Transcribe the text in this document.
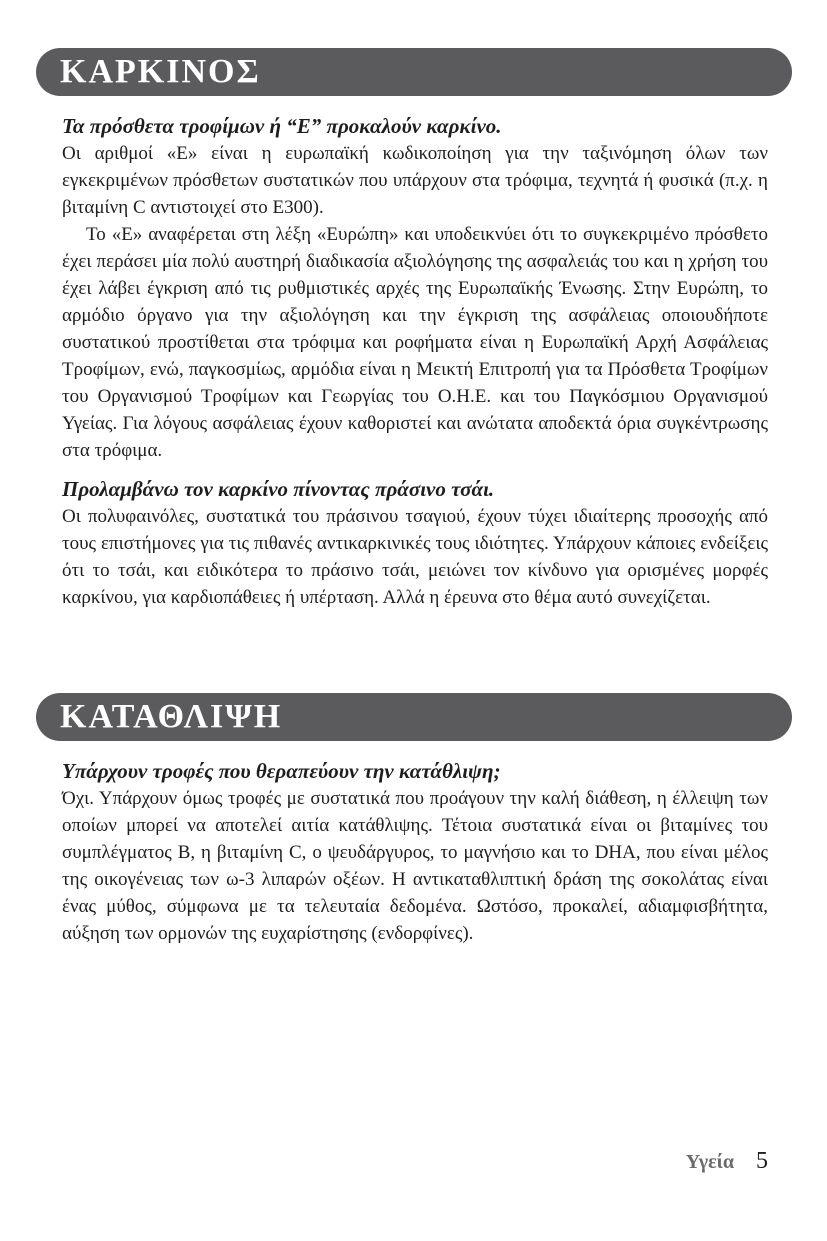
ΚΑΡΚΙΝΟΣ

Τα πρόσθετα τροφίμων ή “Ε” προκαλούν καρκίνο.

Οι αριθμοί «Ε» είναι η ευρωπαϊκή κωδικοποίηση για την ταξινόμηση όλων των εγκεκριμένων πρόσθετων συστατικών που υπάρχουν στα τρόφιμα, τεχνητά ή φυσικά (π.χ. η βιταμίνη C αντιστοιχεί στο Ε300).

Το «Ε» αναφέρεται στη λέξη «Ευρώπη» και υποδεικνύει ότι το συγκεκριμένο πρόσθετο έχει περάσει μία πολύ αυστηρή διαδικασία αξιολόγησης της ασφαλειάς του και η χρήση του έχει λάβει έγκριση από τις ρυθμιστικές αρχές της Ευρωπαϊκής Ένωσης. Στην Ευρώπη, το αρμόδιο όργανο για την αξιολόγηση και την έγκριση της ασφάλειας οποιουδήποτε συστατικού προστίθεται στα τρόφιμα και ροφήματα είναι η Ευρωπαϊκή Αρχή Ασφάλειας Τροφίμων, ενώ, παγκοσμίως, αρμόδια είναι η Μεικτή Επιτροπή για τα Πρόσθετα Τροφίμων του Οργανισμού Τροφίμων και Γεωργίας του Ο.Η.Ε. και του Παγκόσμιου Οργανισμού Υγείας. Για λόγους ασφάλειας έχουν καθοριστεί και ανώτατα αποδεκτά όρια συγκέντρωσης στα τρόφιμα.

Προλαμβάνω τον καρκίνο πίνοντας πράσινο τσάι.

Οι πολυφαινόλες, συστατικά του πράσινου τσαγιού, έχουν τύχει ιδιαίτερης προσοχής από τους επιστήμονες για τις πιθανές αντικαρκινικές τους ιδιότητες. Υπάρχουν κάποιες ενδείξεις ότι το τσάι, και ειδικότερα το πράσινο τσάι, μειώνει τον κίνδυνο για ορισμένες μορφές καρκίνου, για καρδιοπάθειες ή υπέρταση. Αλλά η έρευνα στο θέμα αυτό συνεχίζεται.

ΚΑΤΑΘΛΙΨΗ

Υπάρχουν τροφές που θεραπεύουν την κατάθλιψη;

Όχι. Υπάρχουν όμως τροφές με συστατικά που προάγουν την καλή διάθεση, η έλλειψη των οποίων μπορεί να αποτελεί αιτία κατάθλιψης. Τέτοια συστατικά είναι οι βιταμίνες του συμπλέγματος Β, η βιταμίνη C, ο ψευδάργυρος, το μαγνήσιο και το DHA, που είναι μέλος της οικογένειας των ω-3 λιπαρών οξέων. Η αντικαταθλιπτική δράση της σοκολάτας είναι ένας μύθος, σύμφωνα με τα τελευταία δεδομένα. Ωστόσο, προκαλεί, αδιαμφισβήτητα, αύξηση των ορμονών της ευχαρίστησης (ενδορφίνες).

Υγεία 5
